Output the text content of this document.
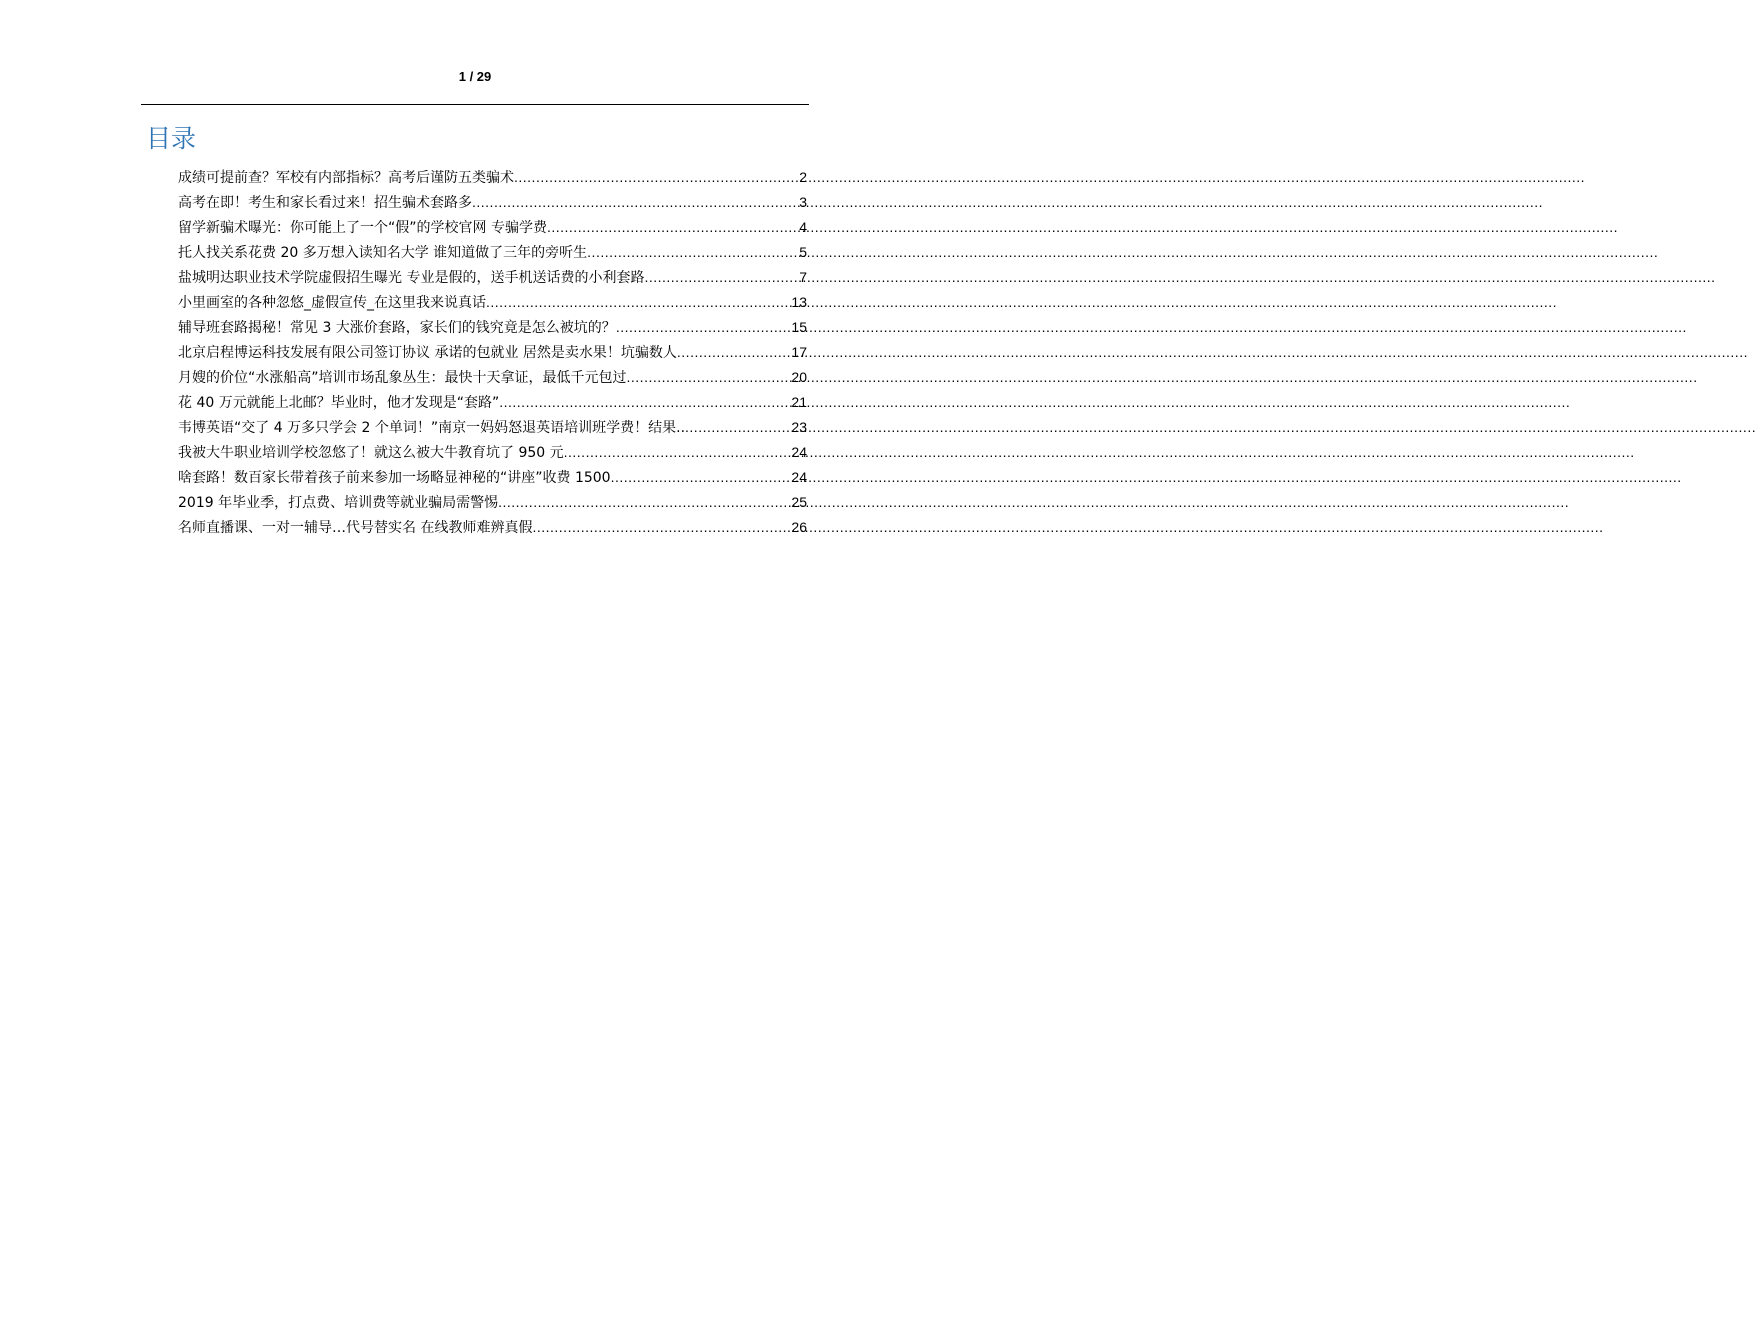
1 / 29
目录
成绩可提前查？军校有内部指标？高考后谨防五类骗术 .....	2
高考在即！考生和家长看过来！招生骗术套路多 .....	3
留学新骗术曝光：你可能上了一个“假”的学校官网 专骗学费 .....	4
托人找关系花费 20 多万想入读知名大学 谁知道做了三年的旁听生 .....	5
盐城明达职业技术学院虚假招生曝光 专业是假的，送手机送话费的小利套路 .....	7
小里画室的各种忽悠_虚假宣传_在这里我来说真话 .....	13
辅导班套路揭秘！常见 3 大涨价套路，家长们的钱究竟是怎么被坑的？ .....	15
北京启程博运科技发展有限公司签订协议 承诺的包就业 居然是卖水果！坑骗数人 .....	17
月嫂的价位“水涨船高”培训市场乱象丛生：最快十天拿证，最低千元包过 .....	20
花 40 万元就能上北邮？毕业时，他才发现是“套路” .....	21
韦博英语“交了 4 万多只学会 2 个单词！”南京一妈妈怒退英语培训班学费！结果.. .....	23
我被大牛职业培训学校忽悠了！就这么被大牛教育坑了 950 元 .....	24
啥套路！数百家长带着孩子前来参加一场略显神秘的“讲座”收费 1500 .....	24
2019 年毕业季，打点费、培训费等就业骗局需警惕 .....	25
名师直播课、一对一辅导…代号替实名 在线教师难辨真假 .....	26
